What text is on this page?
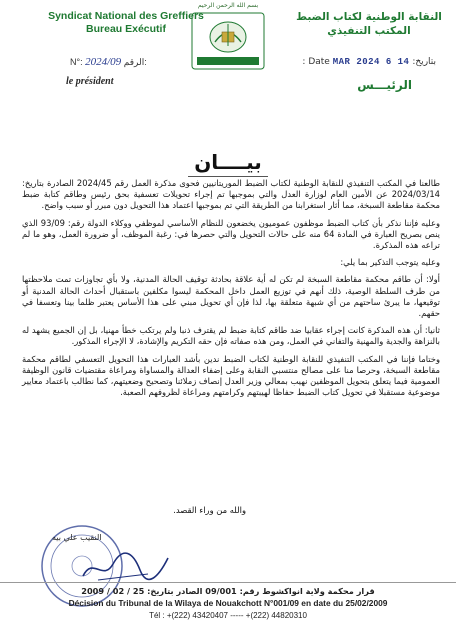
بسم الله الرحمن الرحيم
Syndicat National des Greffiers
Bureau Exécutif
النقابة الوطنية لكتاب الضبط
المكتب التنفيذي
N°: 2024/09 الرقم:
le président
بتاريخ: 14 6 MAR 2024 Date :
الرئيـــس
بيــــان

طالعنا في المكتب التنفيذي للنقابة الوطنية لكتاب الضبط الموريتانيين فحوى مذكرة العمل رقم 2024/45 الصادرة بتاريخ: 2024/03/14 عن الأمين العام لوزارة العدل والتي بموجبها تم إجراء تحويلات تعسفية بحق رئيس وطاقم كتابة ضبط محكمة مقاطعة السبخة، مما أثار استغرابنا من الطريقة التي تم بموجبها اعتماد هذا التحويل دون مبرر أو سبب واضح.

وعليه فإننا نذكر بأن كتاب الضبط موظفون عموميون يخضعون للنظام الأساسي لموظفي ووكلاء الدولة رقم: 93/09 الذي ينص بصريح العبارة في المادة 64 منه على حالات التحويل والتي حصرها في: رغبة الموظف، أو ضرورة العمل، وهو ما لم تراعه هذه المذكرة.

وعليه يتوجب التذكير بما يلي:

أولا: أن طاقم محكمة مقاطعة السبخة لم تكن له أية علاقة بحادثة توقيف الحالة المدنية، ولا بأي تجاوزات تمت ملاحظتها من طرف السلطة الوصية، ذلك أنهم في توزيع العمل داخل المحكمة ليسوا مكلفين باستقبال أحداث الحالة المدنية أو توقيعها، ما يبرئ ساحتهم من أي شبهة متعلقة بها، لذا فإن أي تحويل مبني على هذا الأساس يعتبر ظلما بينا وتعسفا في حقهم.

ثانيا: أن هذه المذكرة كانت إجراء عقابيا ضد طاقم كتابة ضبط لم يقترف ذنبا ولم يرتكب خطأ مهنيا، بل إن الجميع يشهد له بالنزاهة والجدية والمهنية والتفاني في العمل، ومن هذه صفاته فإن حقه التكريم والإشادة، لا الإجراء المذكور.

وختاما فإننا في المكتب التنفيذي للنقابة الوطنية لكتاب الضبط ندين بأشد العبارات هذا التحويل التعسفي لطاقم محكمة مقاطعة السبخة، وحرصا منا على مصالح منتسبي النقابة وعلى إضفاء العدالة والمساواة ومراعاة مقتضيات قانون الوظيفة العمومية فيما يتعلق بتحويل الموظفين نهيب بمعالي وزير العدل إنصاف زملائنا وتصحيح وضعيتهم، كما نطالب باعتماد معايير موضوعية مستقبلا في تحويل كتاب الضبط حفاظا لهيبتهم وكرامتهم ومراعاة لظروفهم الصعبة.

والله من وراء القصد.
النقيب علي بيه
قرار محكمة ولاية انواكشوط رقم: 09/001 الصادر بتاريخ: 25 / 02 / 2009
Décision du Tribunal de la Wilaya de Nouakchott N°001/09 en date du 25/02/2009
Tél : +(222) 43420407 ----- +(222) 44820310
